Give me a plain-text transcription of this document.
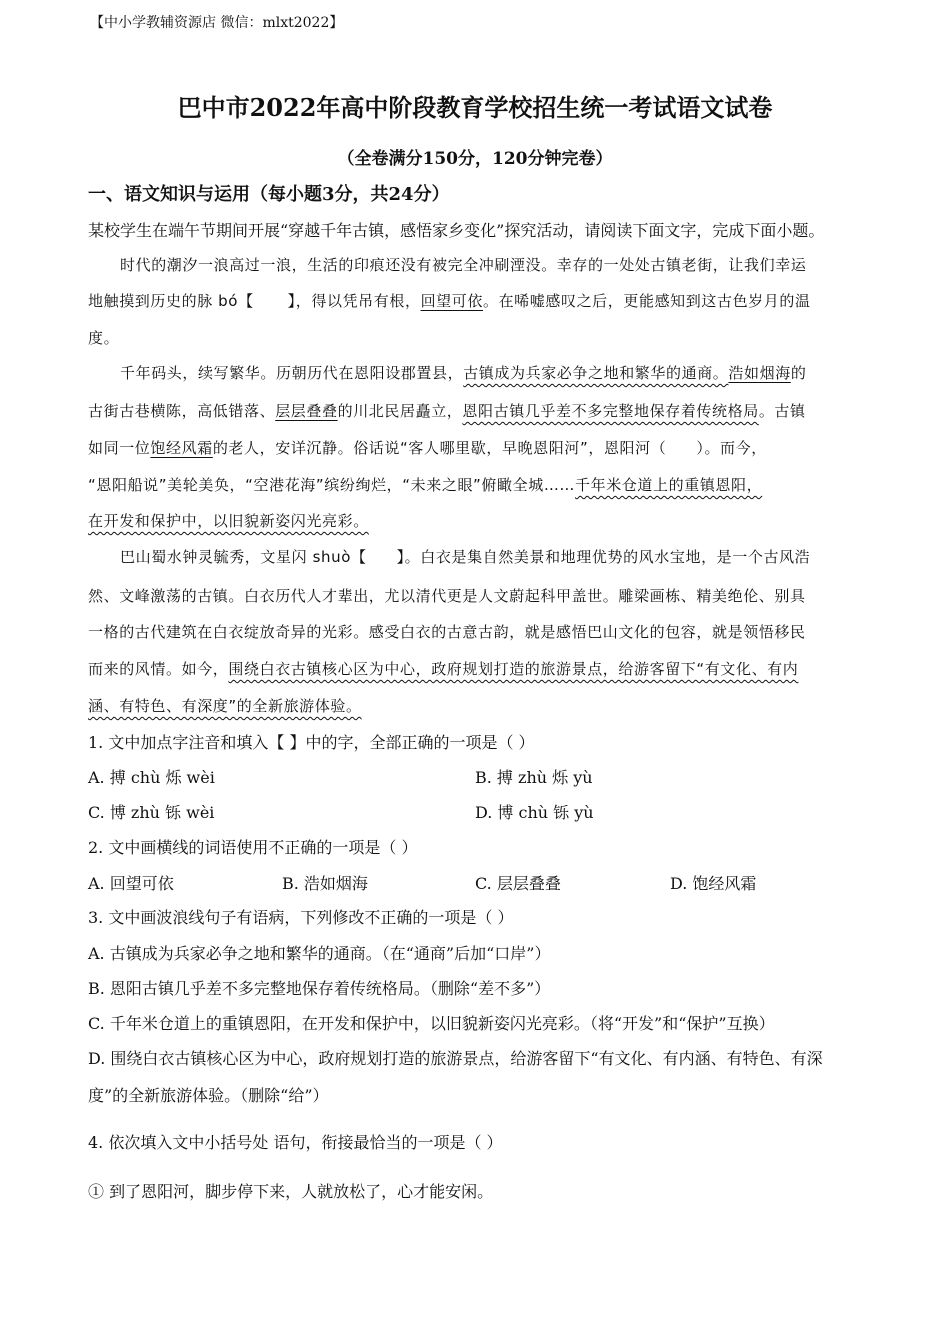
【中小学教辅资源店 微信：mlxt2022】
巴中市2022年高中阶段教育学校招生统一考试语文试卷
（全卷满分150分，120分钟完卷）
一、语文知识与运用（每小题3分，共24分）
某校学生在端午节期间开展“穿越千年古镇，感悟家乡变化”探究活动，请阅读下面文字，完成下面小题。
时代的潮汐一浪高过一浪，生活的印痕还没有被完全冲刷湮没。幸存的一处处古镇老街，让我们幸运
地触摸到历史的脉 bó【 】，得以凭吊有根，回望可依。在唏嘘感叹之后，更能感知到这古色岁月的温
度。
千年码头，续写繁华。历朝历代在恩阳设郡置县，古镇成为兵家必争之地和繁华的通商。浩如烟海的
古街古巷横陈，高低错落、层层叠叠的川北民居矗立，恩阳古镇几乎差不多完整地保存着传统格局。古镇
如同一位饱经风霜的老人，安详沉静。俗话说“客人哪里歇，早晚恩阳河”，恩阳河（ ）。而今，
“恩阳船说”美轮美奂，“空港花海”缤纷绚烂，“未来之眼”俯瞰全城……千年米仓道上的重镇恩阳，
在开发和保护中，以旧貌新姿闪光亮彩。
巴山蜀水钟灵毓秀，文星闪 shuò【 】。白衣是集自然美景和地理优势的风水宝地，是一个古风浩
然、文峰激荡的古镇。白衣历代人才辈出，尤以清代更是人文蔚起科甲盖世。雕梁画栋、精美绝伦、别具
一格的古代建筑在白衣绽放奇异的光彩。感受白衣的古意古韵，就是感悟巴山文化的包容，就是领悟移民
而来的风情。如今，围绕白衣古镇核心区为中心，政府规划打造的旅游景点，给游客留下“有文化、有内
涵、有特色、有深度”的全新旅游体验。
1. 文中加点字注音和填入【 】中的字，全部正确的一项是（ ）
A. 搏 chù 烁 wèi	B. 搏 zhù 烁 yù
C. 博 zhù 铄 wèi	D. 博 chù 铄 yù
2. 文中画横线的词语使用不正确的一项是（ ）
A. 回望可依	B. 浩如烟海	C. 层层叠叠	D. 饱经风霜
3. 文中画波浪线句子有语病，下列修改不正确的一项是（ ）
A. 古镇成为兵家必争之地和繁华的通商。（在“通商”后加“口岸”）
B. 恩阳古镇几乎差不多完整地保存着传统格局。（删除“差不多”）
C. 千年米仓道上的重镇恩阳，在开发和保护中，以旧貌新姿闪光亮彩。（将“开发”和“保护”互换）
D. 围绕白衣古镇核心区为中心，政府规划打造的旅游景点，给游客留下“有文化、有内涵、有特色、有深
度”的全新旅游体验。（删除“给”）
4. 依次填入文中小括号处 语句，衔接最恰当的一项是（ ）
① 到了恩阳河，脚步停下来，人就放松了，心才能安闲。
